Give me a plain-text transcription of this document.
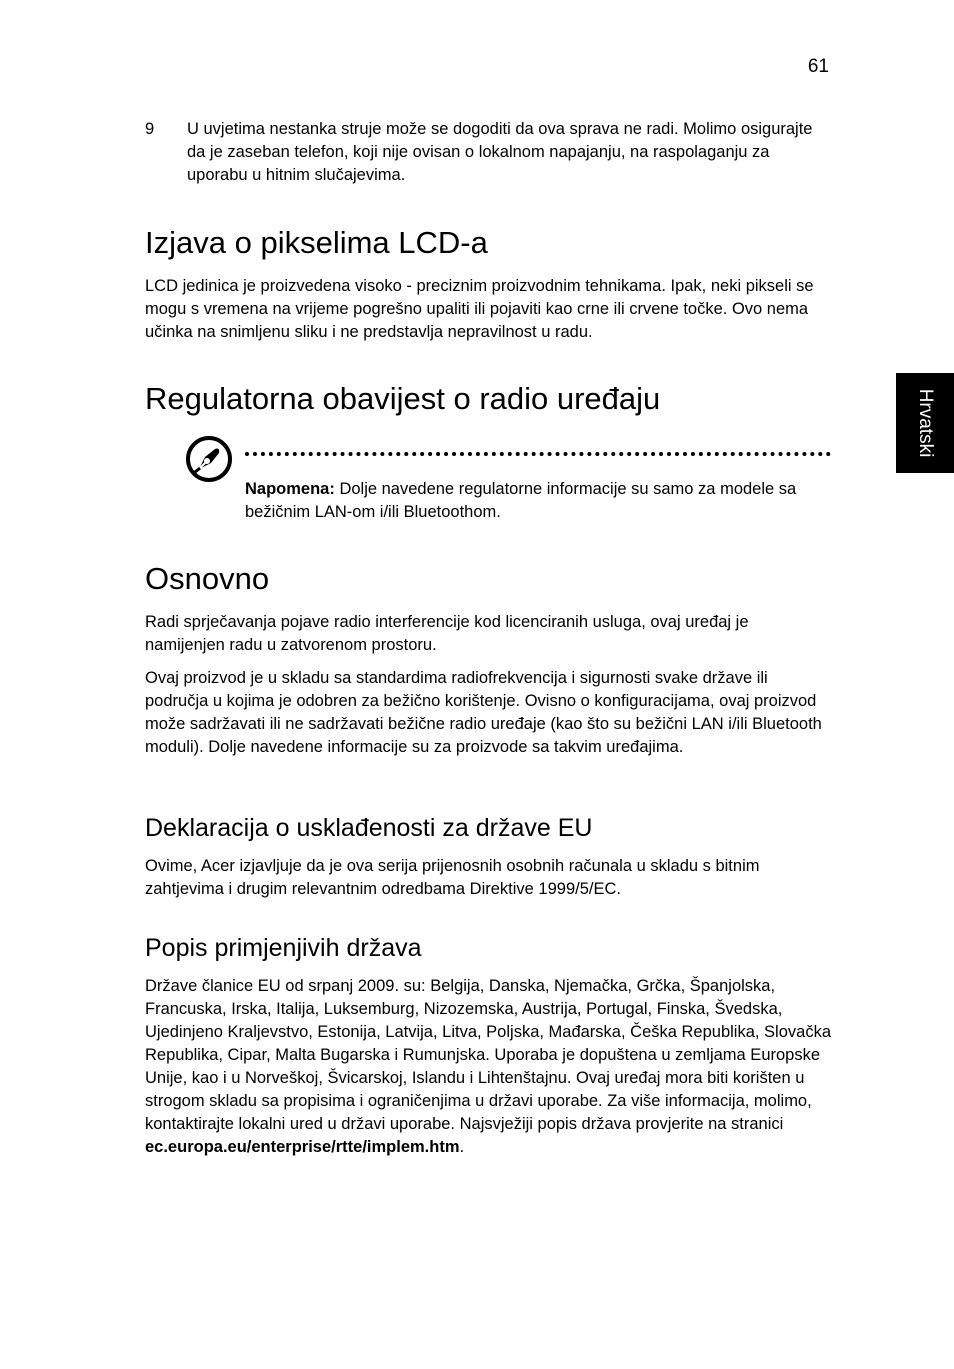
61
Hrvatski
9 U uvjetima nestanka struje može se dogoditi da ova sprava ne radi. Molimo osigurajte da je zaseban telefon, koji nije ovisan o lokalnom napajanju, na raspolaganju za uporabu u hitnim slučajevima.

Izjava o pikselima LCD-a

LCD jedinica je proizvedena visoko - preciznim proizvodnim tehnikama. Ipak, neki pikseli se mogu s vremena na vrijeme pogrešno upaliti ili pojaviti kao crne ili crvene točke. Ovo nema učinka na snimljenu sliku i ne predstavlja nepravilnost u radu.

Regulatorna obavijest o radio uređaju
Napomena: Dolje navedene regulatorne informacije su samo za modele sa bežičnim LAN-om i/ili Bluetoothom.
Osnovno

Radi sprječavanja pojave radio interferencije kod licenciranih usluga, ovaj uređaj je namijenjen radu u zatvorenom prostoru.

Ovaj proizvod je u skladu sa standardima radiofrekvencija i sigurnosti svake države ili područja u kojima je odobren za bežično korištenje. Ovisno o konfiguracijama, ovaj proizvod može sadržavati ili ne sadržavati bežične radio uređaje (kao što su bežični LAN i/ili Bluetooth moduli). Dolje navedene informacije su za proizvode sa takvim uređajima.

Deklaracija o usklađenosti za države EU

Ovime, Acer izjavljuje da je ova serija prijenosnih osobnih računala u skladu s bitnim zahtjevima i drugim relevantnim odredbama Direktive 1999/5/EC.

Popis primjenjivih država

Države članice EU od srpanj 2009. su: Belgija, Danska, Njemačka, Grčka, Španjolska, Francuska, Irska, Italija, Luksemburg, Nizozemska, Austrija, Portugal, Finska, Švedska, Ujedinjeno Kraljevstvo, Estonija, Latvija, Litva, Poljska, Mađarska, Češka Republika, Slovačka Republika, Cipar, Malta Bugarska i Rumunjska. Uporaba je dopuštena u zemljama Europske Unije, kao i u Norveškoj, Švicarskoj, Islandu i Lihtenštajnu. Ovaj uređaj mora biti korišten u strogom skladu sa propisima i ograničenjima u državi uporabe. Za više informacija, molimo, kontaktirajte lokalni ured u državi uporabe. Najsvježiji popis država provjerite na stranici ec.europa.eu/enterprise/rtte/implem.htm.
